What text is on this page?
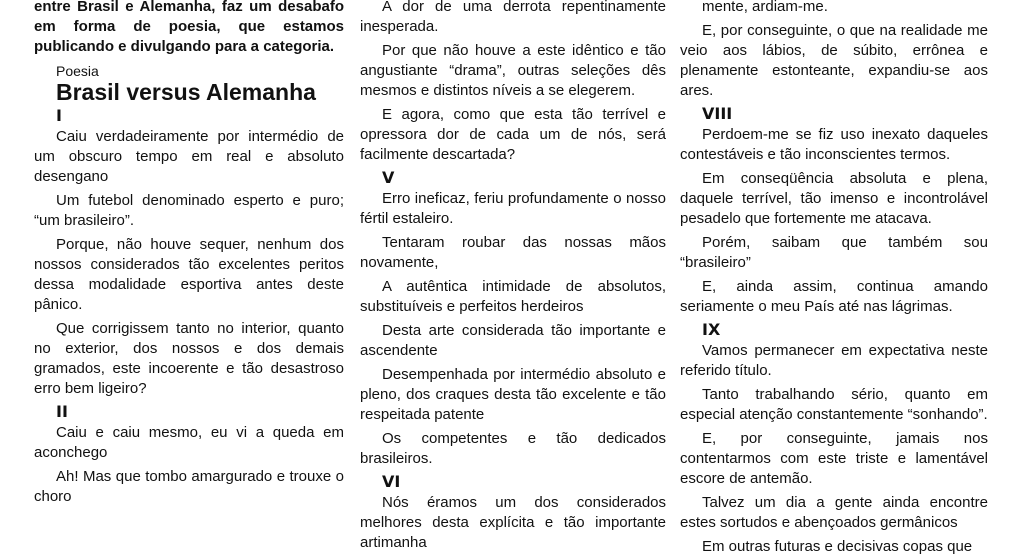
entre Brasil e Alemanha, faz um desabafo em forma de poesia, que estamos publicando e divulgando para a categoria.
Poesia
Brasil versus Alemanha
I

Caiu verdadeiramente por intermédio de um obscuro tempo em real e absoluto desengano

Um futebol denominado esperto e puro; “um brasileiro”.

Porque, não houve sequer, nenhum dos nossos considerados tão excelentes peritos dessa modalidade esportiva antes deste pânico.

Que corrigissem tanto no interior, quanto no exterior, dos nossos e dos demais gramados, este incoerente e tão desastroso erro bem ligeiro?

II

Caiu e caiu mesmo, eu vi a queda em aconchego

Ah! Mas que tombo amargurado e trouxe o choro

A dor de uma derrota repentinamente inesperada.

Por que não houve a este idêntico e tão angustiante “drama”, outras seleções dês mesmos e distintos níveis a se elegerem.

E agora, como que esta tão terrível e opressora dor de cada um de nós, será facilmente descartada?

V

Erro ineficaz, feriu profundamente o nosso fértil estaleiro.

Tentaram roubar das nossas mãos novamente,

A autêntica intimidade de absolutos, substituíveis e perfeitos herdeiros

Desta arte considerada tão importante e ascendente

Desempenhada por intermédio absoluto e pleno, dos craques desta tão excelente e tão respeitada patente

Os competentes e tão dedicados brasileiros.

VI

Nós éramos um dos considerados melhores desta explícita e tão importante artimanha

mente, ardiam-me.

E, por conseguinte, o que na realidade me veio aos lábios, de súbito, errônea e plenamente estonteante, expandiu-se aos ares.

VIII

Perdoem-me se fiz uso inexato daqueles contestáveis e tão inconscientes termos.

Em conseqüência absoluta e plena, daquele terrível, tão imenso e incontrolável pesadelo que fortemente me atacava.

Porém, saibam que também sou “brasileiro”

E, ainda assim, continua amando seriamente o meu País até nas lágrimas.

IX

Vamos permanecer em expectativa neste referido título.

Tanto trabalhando sério, quanto em especial atenção constantemente “sonhando”.

E, por conseguinte, jamais nos contentarmos com este triste e lamentável escore de antemão.

Talvez um dia a gente ainda encontre estes sortudos e abençoados germânicos

Em outras futuras e decisivas copas que
